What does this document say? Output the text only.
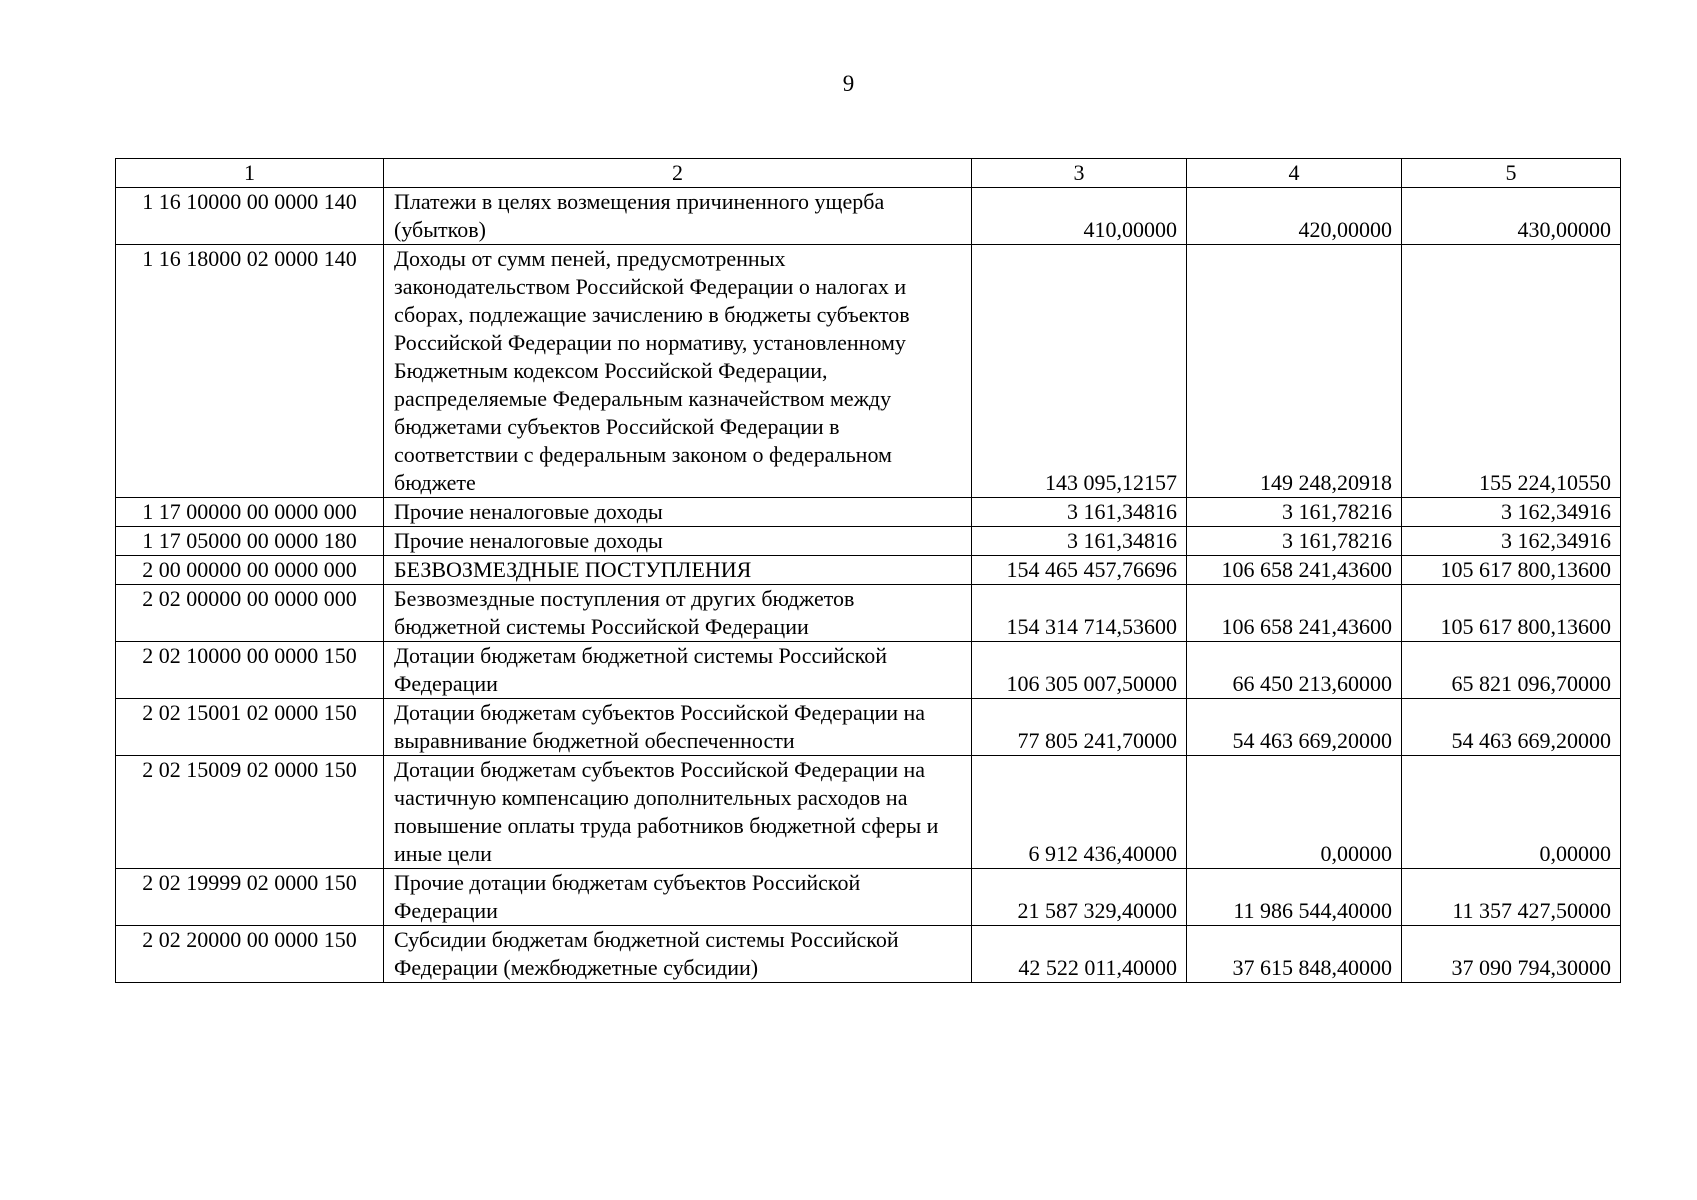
9
1	2	3	4	5
1 16 10000 00 0000 140	Платежи в целях возмещения причиненного ущерба (убытков)	410,00000	420,00000	430,00000
1 16 18000 02 0000 140	Доходы от сумм пеней, предусмотренных законодательством Российской Федерации о налогах и сборах, подлежащие зачислению в бюджеты субъектов Российской Федерации по нормативу, установленному Бюджетным кодексом Российской Федерации, распределяемые Федеральным казначейством между бюджетами субъектов Российской Федерации в соответствии с федеральным законом о федеральном бюджете	143 095,12157	149 248,20918	155 224,10550
1 17 00000 00 0000 000	Прочие неналоговые доходы	3 161,34816	3 161,78216	3 162,34916
1 17 05000 00 0000 180	Прочие неналоговые доходы	3 161,34816	3 161,78216	3 162,34916
2 00 00000 00 0000 000	БЕЗВОЗМЕЗДНЫЕ ПОСТУПЛЕНИЯ	154 465 457,76696	106 658 241,43600	105 617 800,13600
2 02 00000 00 0000 000	Безвозмездные поступления от других бюджетов бюджетной системы Российской Федерации	154 314 714,53600	106 658 241,43600	105 617 800,13600
2 02 10000 00 0000 150	Дотации бюджетам бюджетной системы Российской Федерации	106 305 007,50000	66 450 213,60000	65 821 096,70000
2 02 15001 02 0000 150	Дотации бюджетам субъектов Российской Федерации на выравнивание бюджетной обеспеченности	77 805 241,70000	54 463 669,20000	54 463 669,20000
2 02 15009 02 0000 150	Дотации бюджетам субъектов Российской Федерации на частичную компенсацию дополнительных расходов на повышение оплаты труда работников бюджетной сферы и иные цели	6 912 436,40000	0,00000	0,00000
2 02 19999 02 0000 150	Прочие дотации бюджетам субъектов Российской Федерации	21 587 329,40000	11 986 544,40000	11 357 427,50000
2 02 20000 00 0000 150	Субсидии бюджетам бюджетной системы Российской Федерации (межбюджетные субсидии)	42 522 011,40000	37 615 848,40000	37 090 794,30000
